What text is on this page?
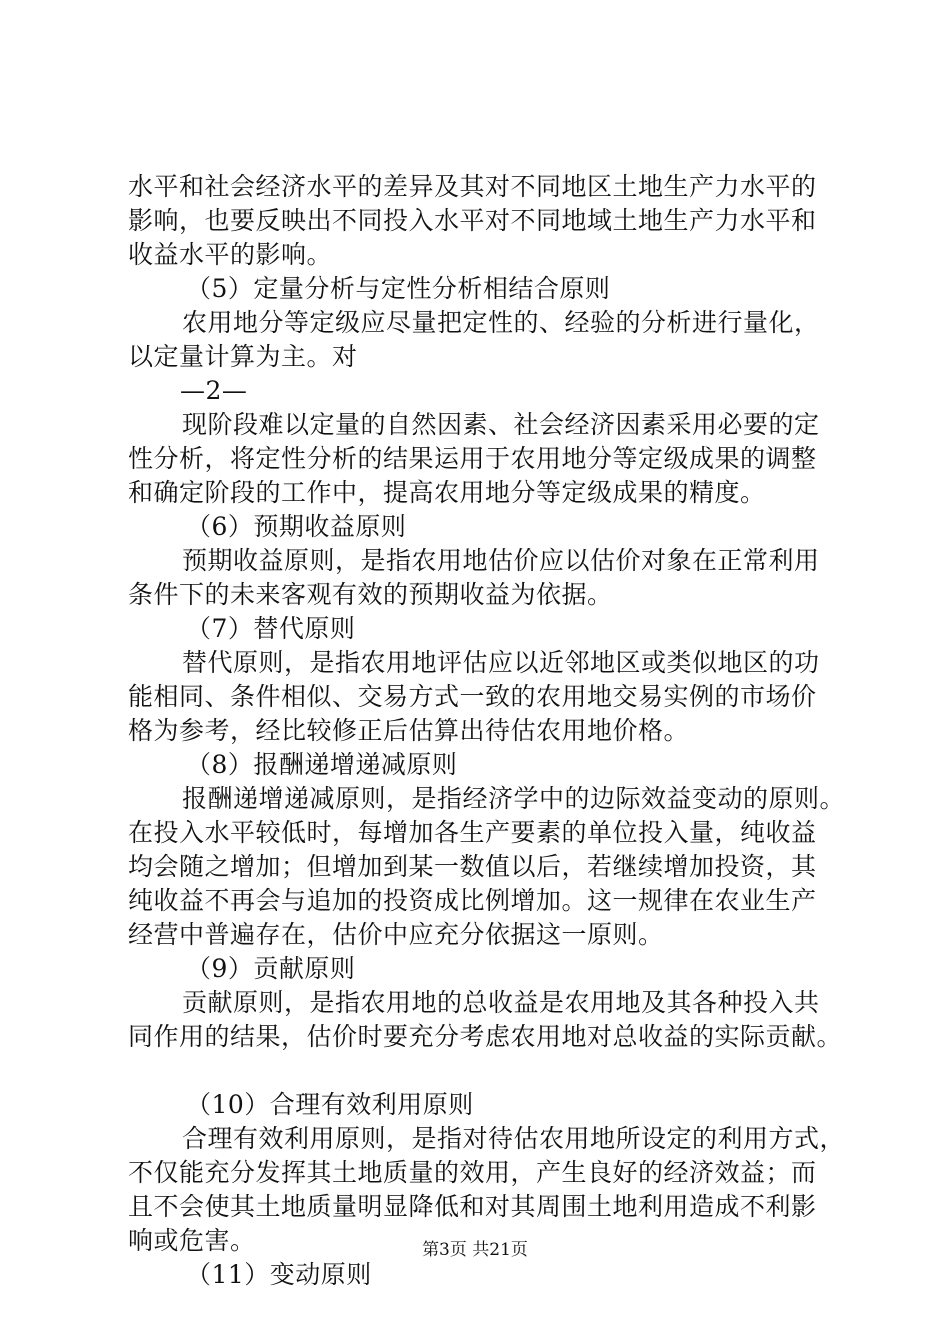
水平和社会经济水平的差异及其对不同地区土地生产力水平的
影响，也要反映出不同投入水平对不同地域土地生产力水平和
收益水平的影响。
（5）定量分析与定性分析相结合原则
农用地分等定级应尽量把定性的、经验的分析进行量化，
以定量计算为主。对
—2—
现阶段难以定量的自然因素、社会经济因素采用必要的定
性分析，将定性分析的结果运用于农用地分等定级成果的调整
和确定阶段的工作中，提高农用地分等定级成果的精度。
（6）预期收益原则
预期收益原则，是指农用地估价应以估价对象在正常利用
条件下的未来客观有效的预期收益为依据。
（7）替代原则
替代原则，是指农用地评估应以近邻地区或类似地区的功
能相同、条件相似、交易方式一致的农用地交易实例的市场价
格为参考，经比较修正后估算出待估农用地价格。
（8）报酬递增递减原则
报酬递增递减原则，是指经济学中的边际效益变动的原则。
在投入水平较低时，每增加各生产要素的单位投入量，纯收益
均会随之增加；但增加到某一数值以后，若继续增加投资，其
纯收益不再会与追加的投资成比例增加。这一规律在农业生产
经营中普遍存在，估价中应充分依据这一原则。
（9）贡献原则
贡献原则，是指农用地的总收益是农用地及其各种投入共
同作用的结果，估价时要充分考虑农用地对总收益的实际贡献。
（10）合理有效利用原则
合理有效利用原则，是指对待估农用地所设定的利用方式，
不仅能充分发挥其土地质量的效用，产生良好的经济效益；而
且不会使其土地质量明显降低和对其周围土地利用造成不利影
响或危害。
（11）变动原则
第3页 共21页
